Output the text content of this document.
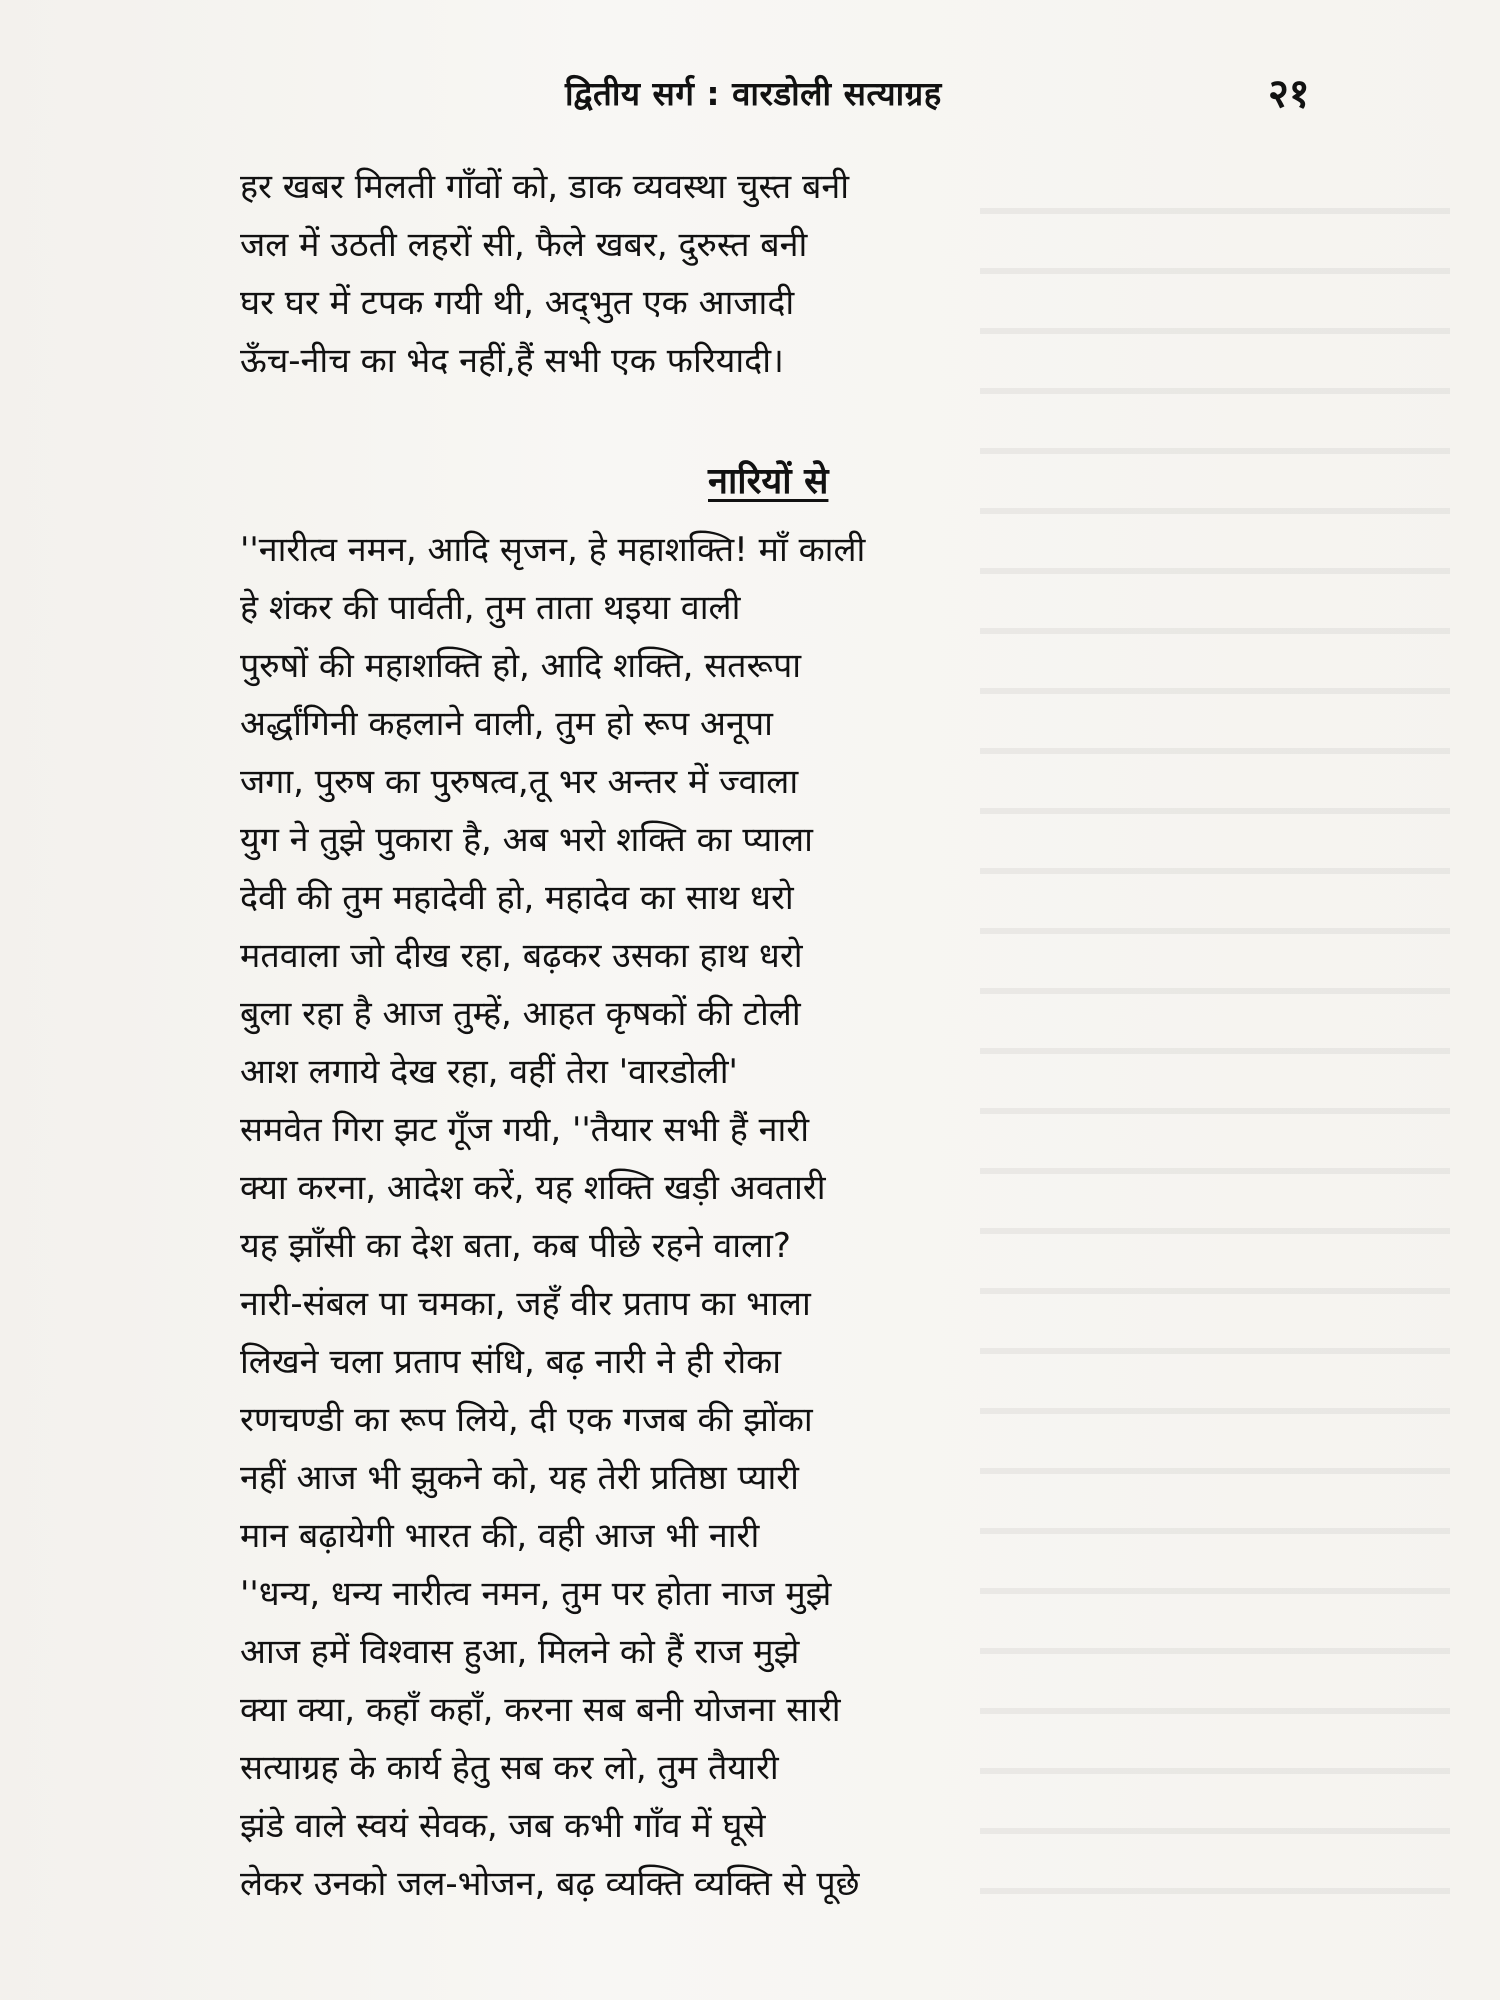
द्वितीय सर्ग : वारडोली सत्याग्रह	२१
हर खबर मिलती गाँवों को, डाक व्यवस्था चुस्त बनी
जल में उठती लहरों सी, फैले खबर, दुरुस्त बनी
घर घर में टपक गयी थी, अद्‌भुत एक आजादी
ऊँच-नीच का भेद नहीं,हैं सभी एक फरियादी।
नारियों से
''नारीत्व नमन, आदि सृजन, हे महाशक्ति! माँ काली
हे शंकर की पार्वती, तुम ताता थइया वाली
पुरुषों की महाशक्ति हो, आदि शक्ति, सतरूपा
अर्द्धांगिनी कहलाने वाली, तुम हो रूप अनूपा
जगा, पुरुष का पुरुषत्व,तू भर अन्तर में ज्वाला
युग ने तुझे पुकारा है, अब भरो शक्ति का प्याला
देवी की तुम महादेवी हो, महादेव का साथ धरो
मतवाला जो दीख रहा, बढ़कर उसका हाथ धरो
बुला रहा है आज तुम्हें, आहत कृषकों की टोली
आश लगाये देख रहा, वहीं तेरा 'वारडोली'
समवेत गिरा झट गूँज गयी, ''तैयार सभी हैं नारी
क्या करना, आदेश करें, यह शक्ति खड़ी अवतारी
यह झाँसी का देश बता, कब पीछे रहने वाला?
नारी-संबल पा चमका, जहँ वीर प्रताप का भाला
लिखने चला प्रताप संधि, बढ़ नारी ने ही रोका
रणचण्डी का रूप लिये, दी एक गजब की झोंका
नहीं आज भी झुकने को, यह तेरी प्रतिष्ठा प्यारी
मान बढ़ायेगी भारत की, वही आज भी नारी
''धन्य, धन्य नारीत्व नमन, तुम पर होता नाज मुझे
आज हमें विश्वास हुआ, मिलने को हैं राज मुझे
क्या क्या, कहाँ कहाँ, करना सब बनी योजना सारी
सत्याग्रह के कार्य हेतु सब कर लो, तुम तैयारी
झंडे वाले स्वयं सेवक, जब कभी गाँव में घूसे
लेकर उनको जल-भोजन, बढ़ व्यक्ति व्यक्ति से पूछे
